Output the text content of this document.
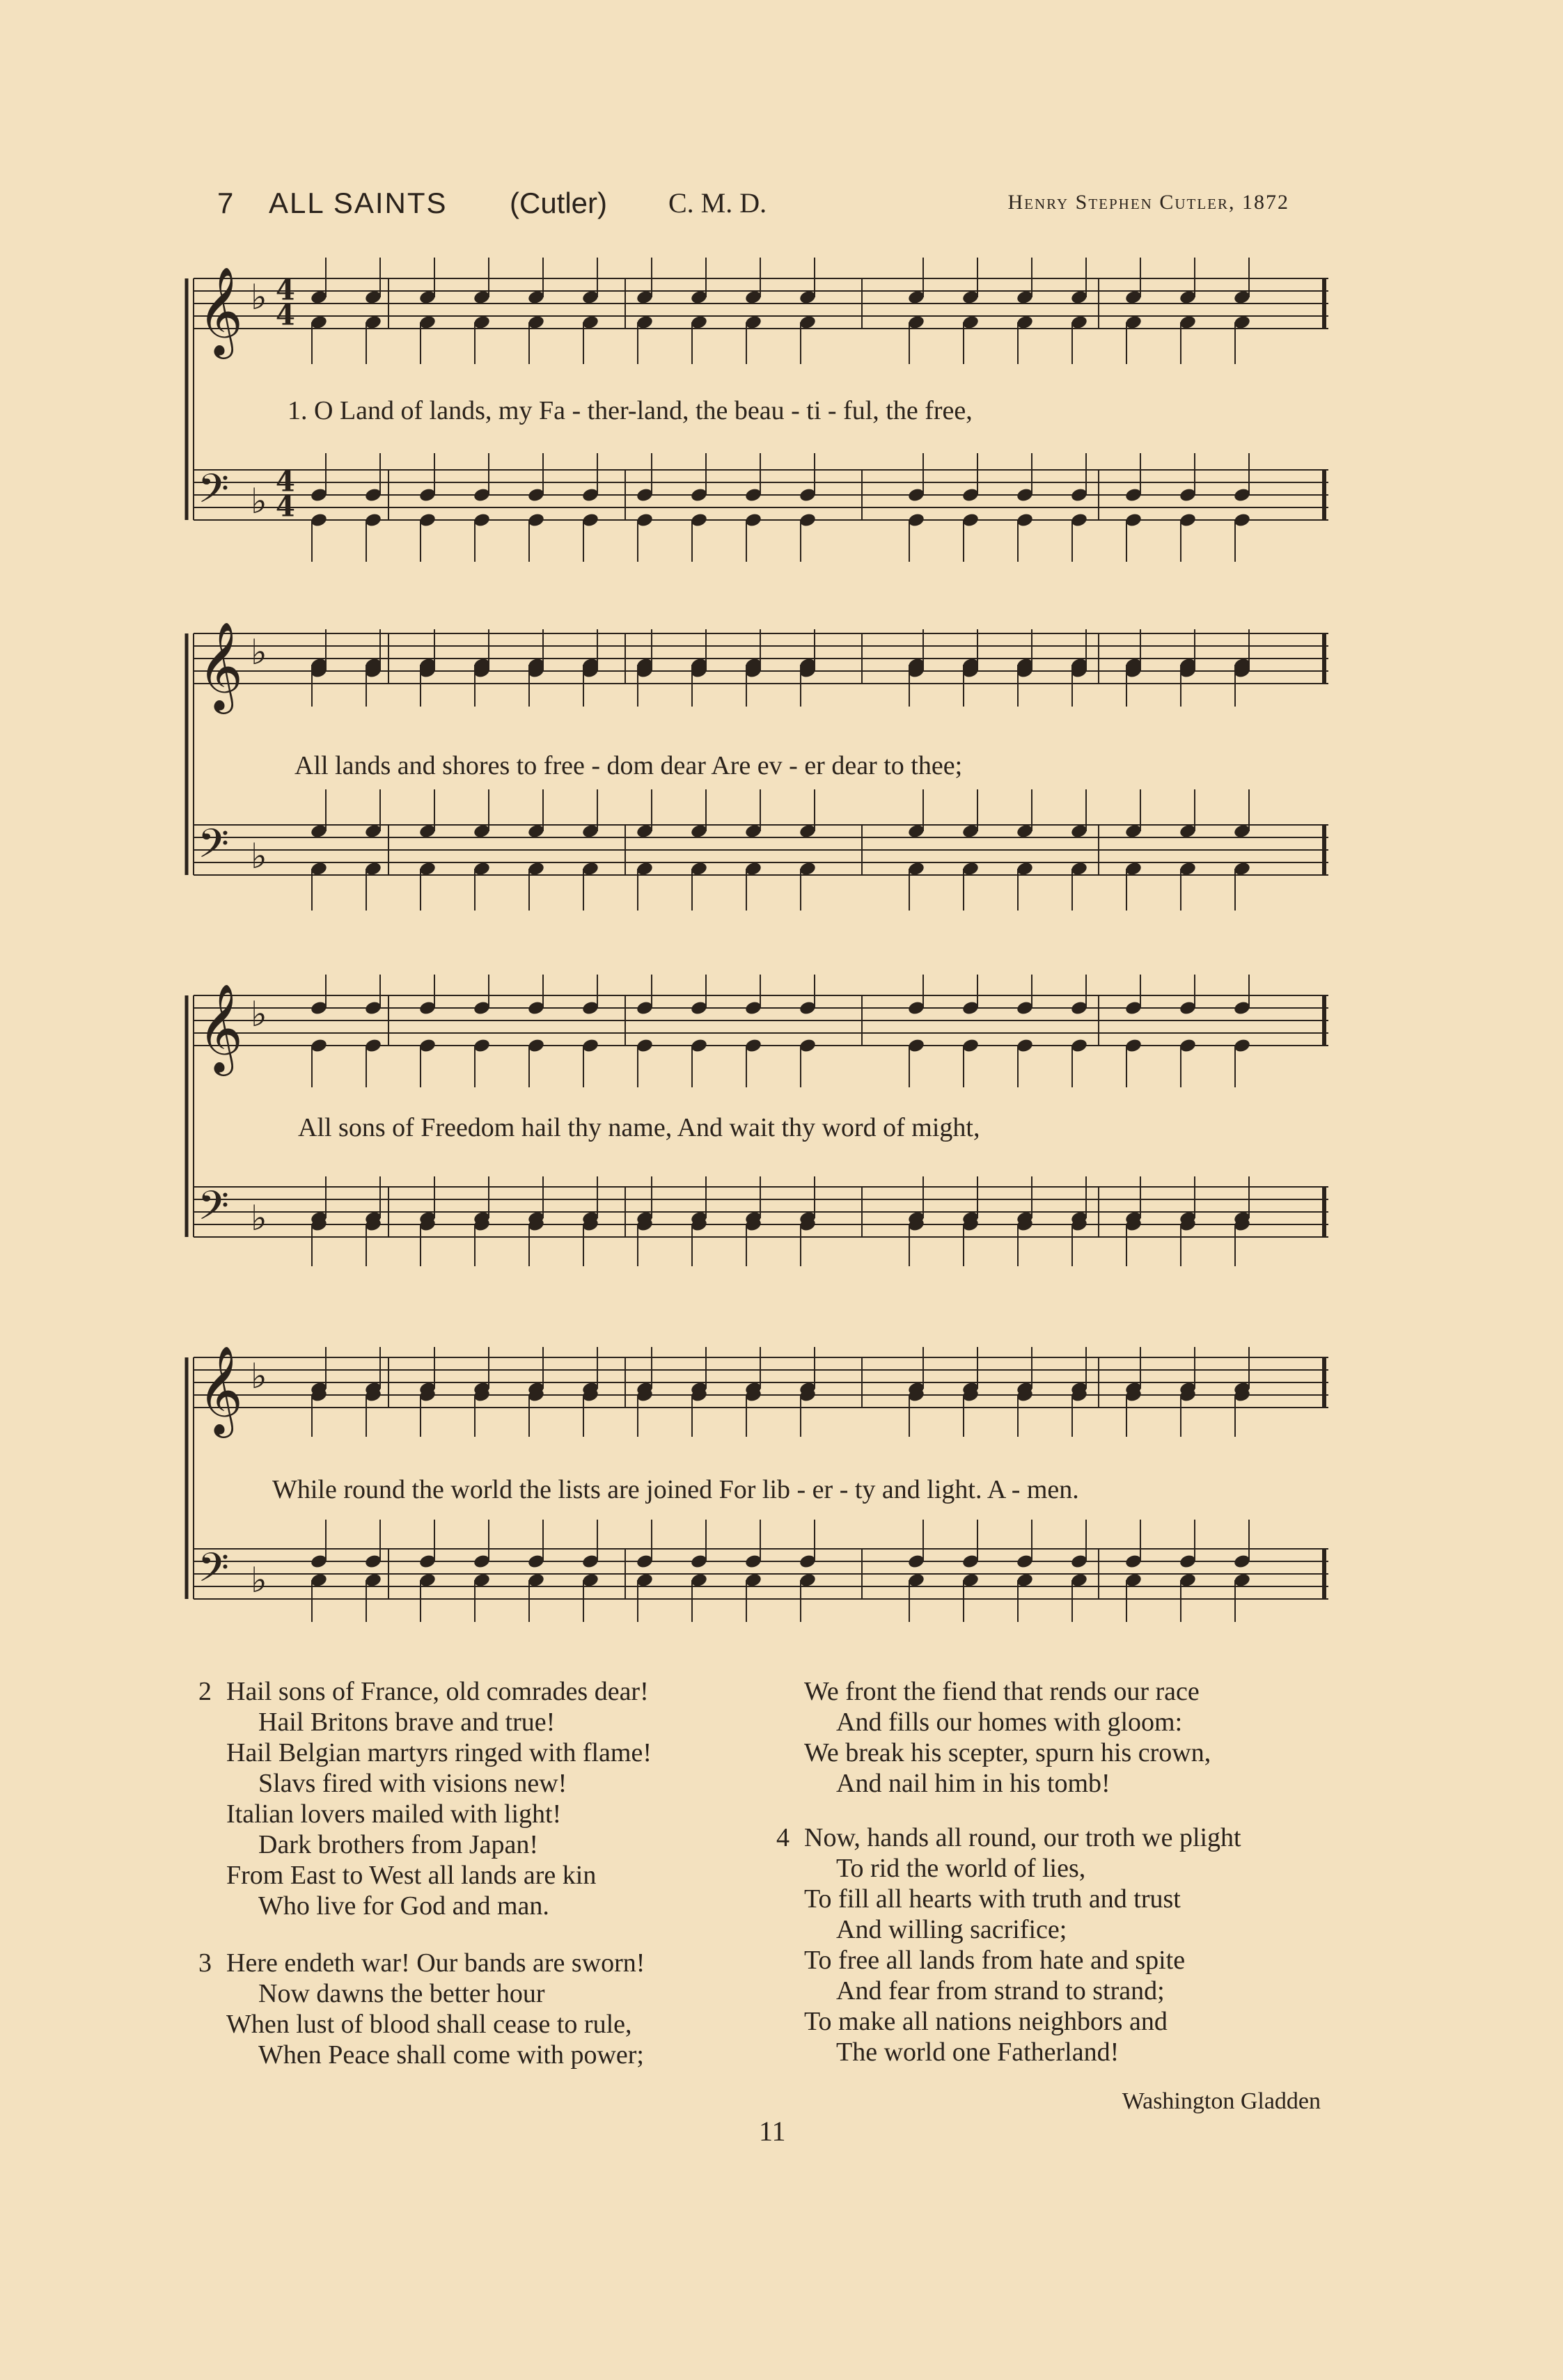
7 ALL SAINTS (Cutler) C. M. D.	Henry Stephen Cutler, 1872
𝄞 ♭ 4
4
𝄢 ♭ 4
4
1. O Land of lands, my Fa - ther-land, the beau - ti - ful, the free,
𝄞 ♭
𝄢 ♭
All lands and shores to free - dom dear Are ev - er dear to thee;
𝄞 ♭
𝄢 ♭
All sons of Freedom hail thy name, And wait thy word of might,
𝄞 ♭
𝄢 ♭
While round the world the lists are joined For lib - er - ty and light. A - men.
2 Hail sons of France, old comrades dear!
Hail Britons brave and true!
Hail Belgian martyrs ringed with flame!
Slavs fired with visions new!
Italian lovers mailed with light!
Dark brothers from Japan!
From East to West all lands are kin
Who live for God and man.
3 Here endeth war! Our bands are sworn!
Now dawns the better hour
When lust of blood shall cease to rule,
When Peace shall come with power;
We front the fiend that rends our race
And fills our homes with gloom:
We break his scepter, spurn his crown,
And nail him in his tomb!
4 Now, hands all round, our troth we plight
To rid the world of lies,
To fill all hearts with truth and trust
And willing sacrifice;
To free all lands from hate and spite
And fear from strand to strand;
To make all nations neighbors and
The world one Fatherland!
Washington Gladden
11
